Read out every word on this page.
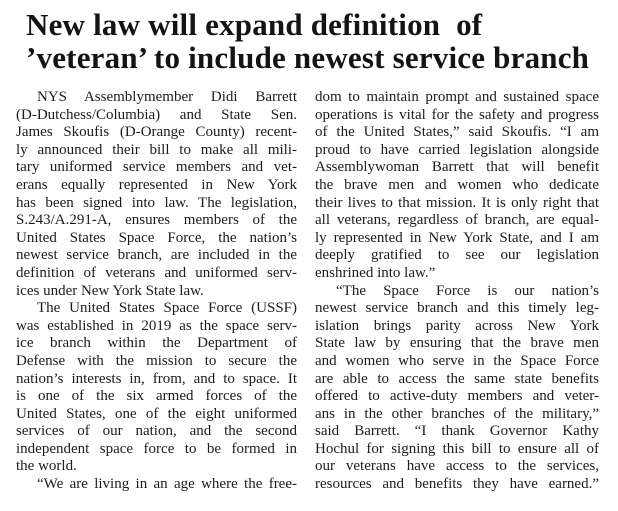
New law will expand definition  of
’veteran’ to include newest service branch
NYS Assemblymember Didi Barrett
(D-Dutchess/Columbia) and State Sen.
James Skoufis (D-Orange County) recent-
ly announced their bill to make all mili-
tary uniformed service members and vet-
erans equally represented in New York
has been signed into law. The legislation,
S.243/A.291-A, ensures members of the
United States Space Force, the nation’s
newest service branch, are included in the
definition of veterans and uniformed serv-
ices under New York State law.
The United States Space Force (USSF)
was established in 2019 as the space serv-
ice branch within the Department of
Defense with the mission to secure the
nation’s interests in, from, and to space. It
is one of the six armed forces of the
United States, one of the eight uniformed
services of our nation, and the second
independent space force to be formed in
the world.
“We are living in an age where the free-
dom to maintain prompt and sustained space
operations is vital for the safety and progress
of the United States,” said Skoufis. “I am
proud to have carried legislation alongside
Assemblywoman Barrett that will benefit
the brave men and women who dedicate
their lives to that mission. It is only right that
all veterans, regardless of branch, are equal-
ly represented in New York State, and I am
deeply gratified to see our legislation
enshrined into law.”
“The Space Force is our nation’s
newest service branch and this timely leg-
islation brings parity across New York
State law by ensuring that the brave men
and women who serve in the Space Force
are able to access the same state benefits
offered to active-duty members and veter-
ans in the other branches of the military,”
said Barrett. “I thank Governor Kathy
Hochul for signing this bill to ensure all of
our veterans have access to the services,
resources and benefits they have earned.”
